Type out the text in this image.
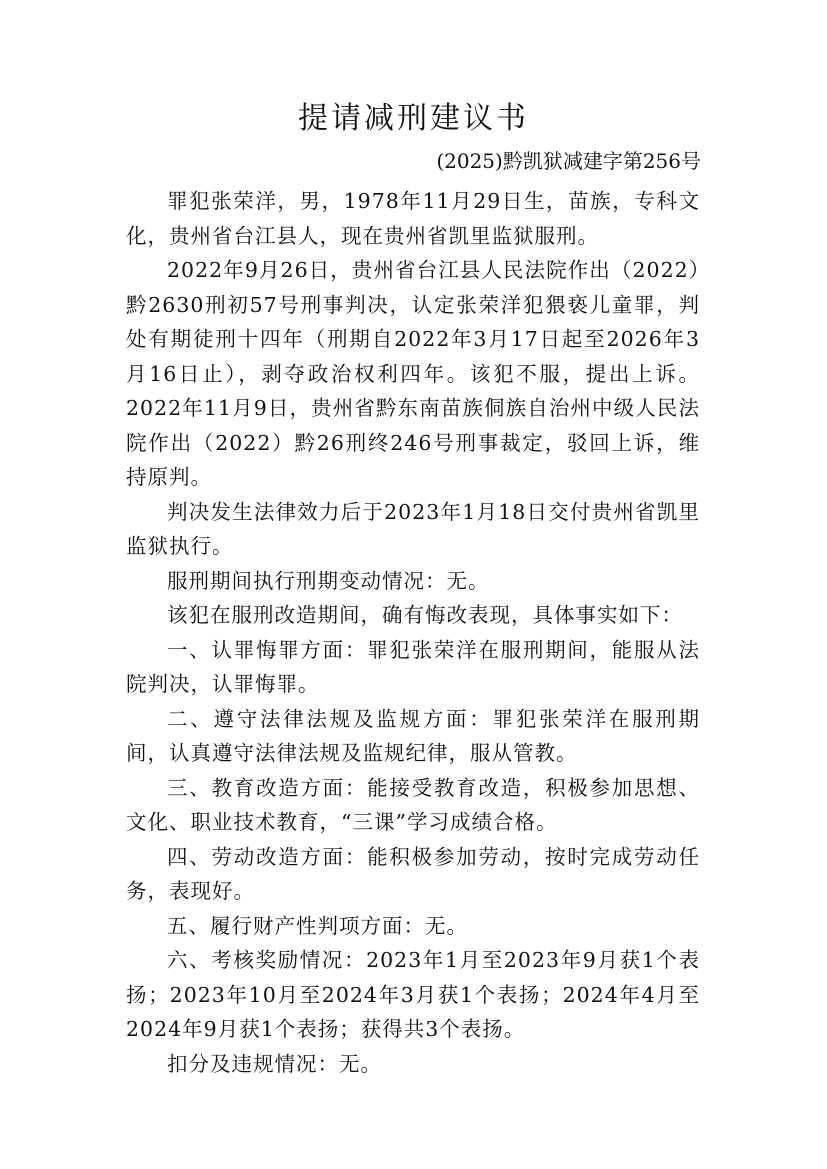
提请减刑建议书

(2025)黔凯狱减建字第256号

罪犯张荣洋，男，1978年11月29日生，苗族，专科文化，贵州省台江县人，现在贵州省凯里监狱服刑。

2022年9月26日，贵州省台江县人民法院作出（2022）黔2630刑初57号刑事判决，认定张荣洋犯猥亵儿童罪，判处有期徒刑十四年（刑期自2022年3月17日起至2026年3月16日止），剥夺政治权利四年。该犯不服，提出上诉。2022年11月9日，贵州省黔东南苗族侗族自治州中级人民法院作出（2022）黔26刑终246号刑事裁定，驳回上诉，维持原判。

判决发生法律效力后于2023年1月18日交付贵州省凯里监狱执行。

服刑期间执行刑期变动情况：无。

该犯在服刑改造期间，确有悔改表现，具体事实如下：

一、认罪悔罪方面：罪犯张荣洋在服刑期间，能服从法院判决，认罪悔罪。

二、遵守法律法规及监规方面：罪犯张荣洋在服刑期间，认真遵守法律法规及监规纪律，服从管教。

三、教育改造方面：能接受教育改造，积极参加思想、文化、职业技术教育，“三课”学习成绩合格。

四、劳动改造方面：能积极参加劳动，按时完成劳动任务，表现好。

五、履行财产性判项方面：无。

六、考核奖励情况：2023年1月至2023年9月获1个表扬；2023年10月至2024年3月获1个表扬；2024年4月至2024年9月获1个表扬；获得共3个表扬。

扣分及违规情况：无。
